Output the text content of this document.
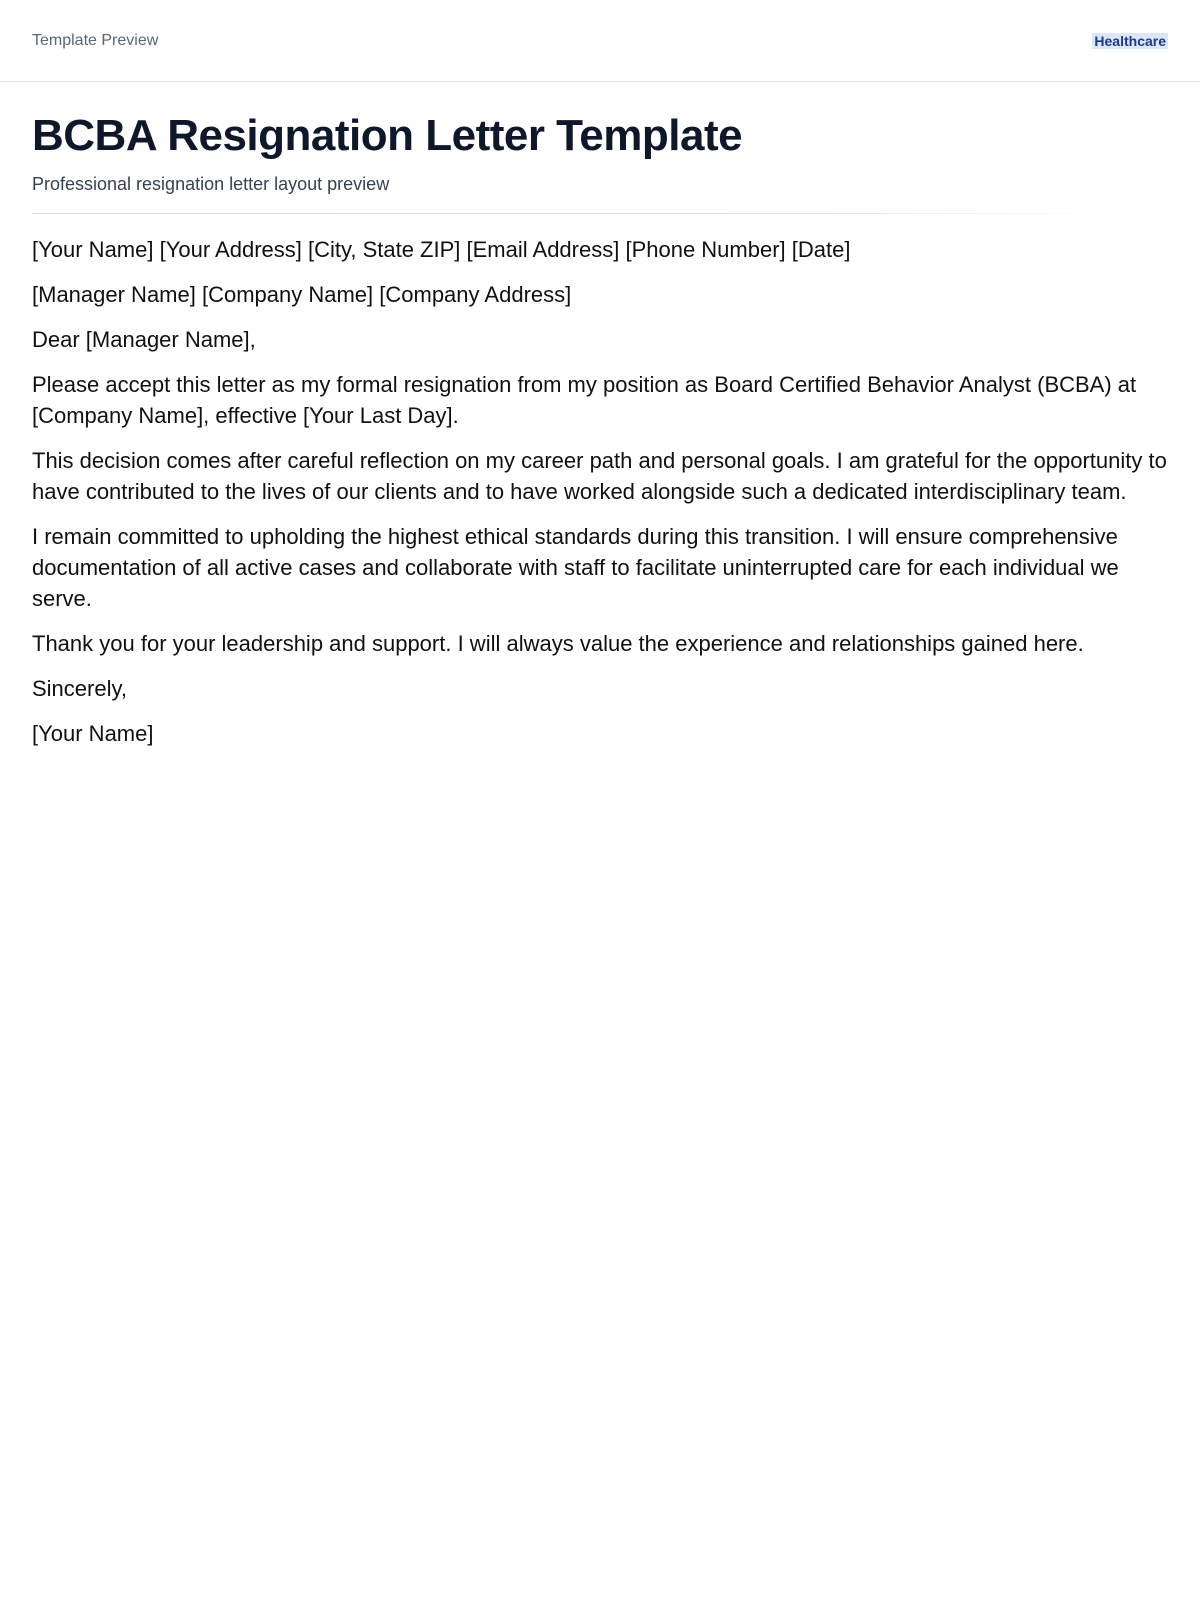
Template Preview	Healthcare
BCBA Resignation Letter Template

Professional resignation letter layout preview

[Your Name] [Your Address] [City, State ZIP] [Email Address] [Phone Number] [Date]

[Manager Name] [Company Name] [Company Address]

Dear [Manager Name],

Please accept this letter as my formal resignation from my position as Board Certified Behavior Analyst (BCBA) at [Company Name], effective [Your Last Day].

This decision comes after careful reflection on my career path and personal goals. I am grateful for the opportunity to have contributed to the lives of our clients and to have worked alongside such a dedicated interdisciplinary team.

I remain committed to upholding the highest ethical standards during this transition. I will ensure comprehensive documentation of all active cases and collaborate with staff to facilitate uninterrupted care for each individual we serve.

Thank you for your leadership and support. I will always value the experience and relationships gained here.

Sincerely,

[Your Name]
